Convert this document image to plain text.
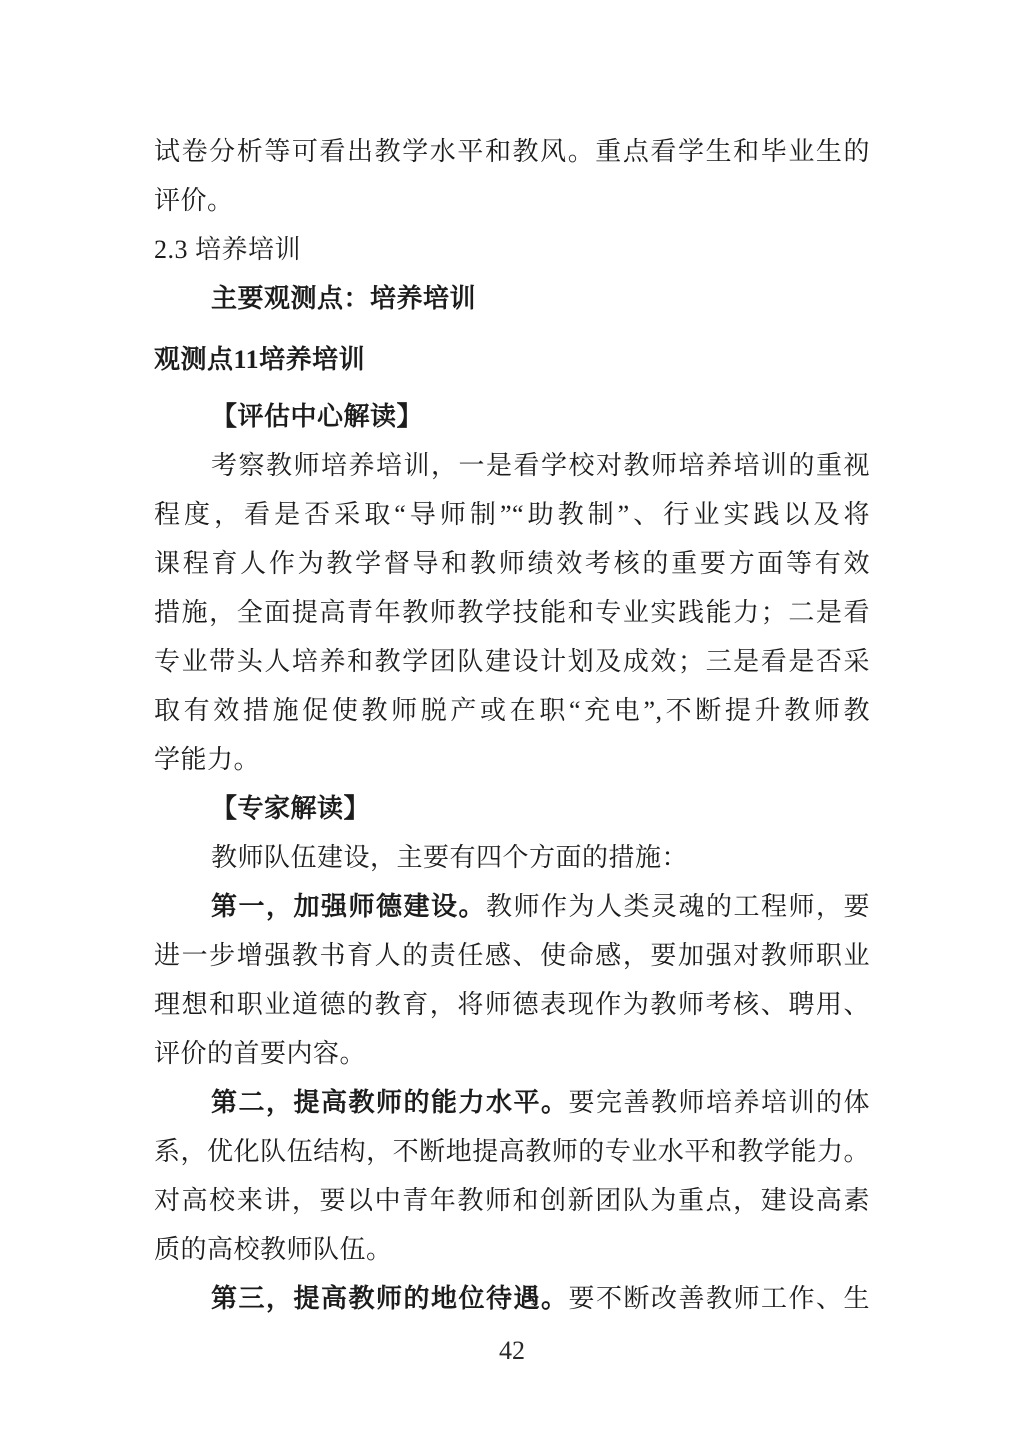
试卷分析等可看出教学水平和教风。重点看学生和毕业生的
评价。
2.3 培养培训
主要观测点：培养培训
观测点11培养培训
【评估中心解读】
考察教师培养培训，一是看学校对教师培养培训的重视
程度，看是否采取“导师制”“助教制”、行业实践以及将
课程育人作为教学督导和教师绩效考核的重要方面等有效
措施，全面提高青年教师教学技能和专业实践能力；二是看
专业带头人培养和教学团队建设计划及成效；三是看是否采
取有效措施促使教师脱产或在职“充电”,不断提升教师教
学能力。
【专家解读】
教师队伍建设，主要有四个方面的措施：
第一，加强师德建设。教师作为人类灵魂的工程师，要
进一步增强教书育人的责任感、使命感，要加强对教师职业
理想和职业道德的教育，将师德表现作为教师考核、聘用、
评价的首要内容。
第二，提高教师的能力水平。要完善教师培养培训的体
系，优化队伍结构，不断地提高教师的专业水平和教学能力。
对高校来讲，要以中青年教师和创新团队为重点，建设高素
质的高校教师队伍。
第三，提高教师的地位待遇。要不断改善教师工作、生
42
